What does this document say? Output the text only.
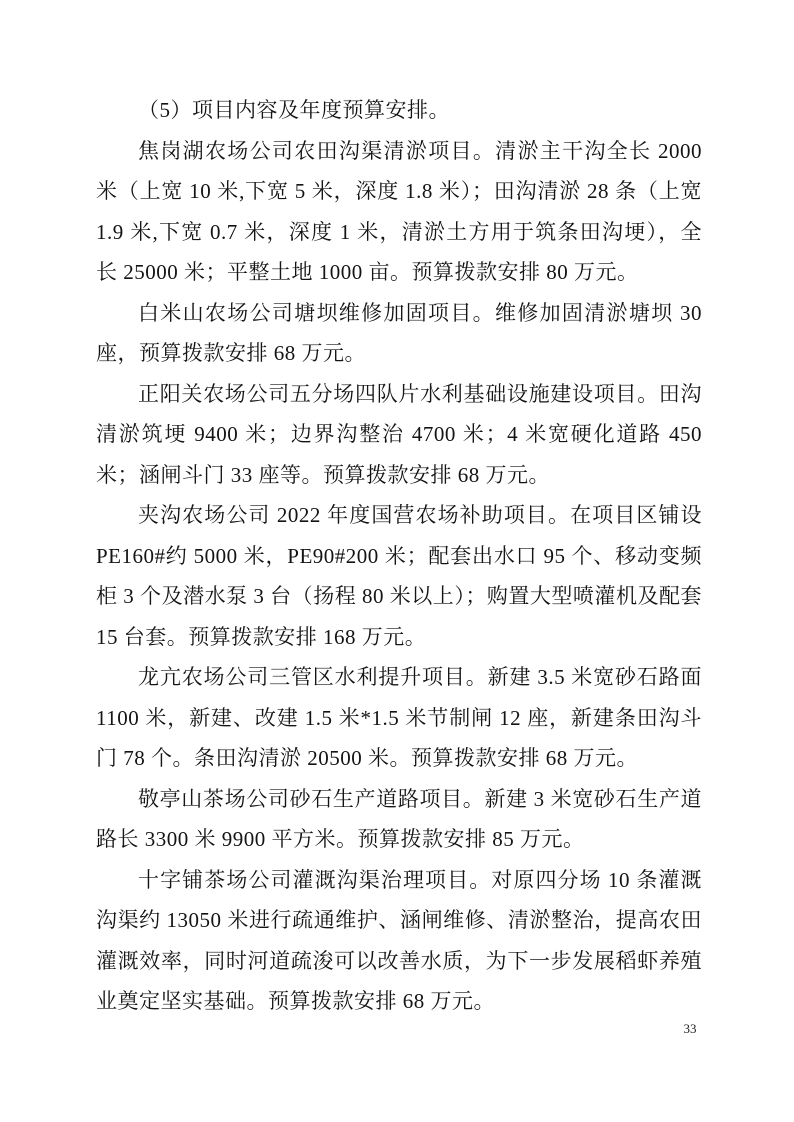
（5）项目内容及年度预算安排。

焦岗湖农场公司农田沟渠清淤项目。清淤主干沟全长 2000 米（上宽 10 米,下宽 5 米，深度 1.8 米）；田沟清淤 28 条（上宽 1.9 米,下宽 0.7 米，深度 1 米，清淤土方用于筑条田沟埂），全长 25000 米；平整土地 1000 亩。预算拨款安排 80 万元。

白米山农场公司塘坝维修加固项目。维修加固清淤塘坝 30 座，预算拨款安排 68 万元。

正阳关农场公司五分场四队片水利基础设施建设项目。田沟清淤筑埂 9400 米；边界沟整治 4700 米；4 米宽硬化道路 450 米；涵闸斗门 33 座等。预算拨款安排 68 万元。

夹沟农场公司 2022 年度国营农场补助项目。在项目区铺设 PE160#约 5000 米，PE90#200 米；配套出水口 95 个、移动变频柜 3 个及潜水泵 3 台（扬程 80 米以上）；购置大型喷灌机及配套 15 台套。预算拨款安排 168 万元。

龙亢农场公司三管区水利提升项目。新建 3.5 米宽砂石路面 1100 米，新建、改建 1.5 米*1.5 米节制闸 12 座，新建条田沟斗门 78 个。条田沟清淤 20500 米。预算拨款安排 68 万元。

敬亭山茶场公司砂石生产道路项目。新建 3 米宽砂石生产道路长 3300 米 9900 平方米。预算拨款安排 85 万元。

十字铺茶场公司灌溉沟渠治理项目。对原四分场 10 条灌溉沟渠约 13050 米进行疏通维护、涵闸维修、清淤整治，提高农田灌溉效率，同时河道疏浚可以改善水质，为下一步发展稻虾养殖业奠定坚实基础。预算拨款安排 68 万元。

33
